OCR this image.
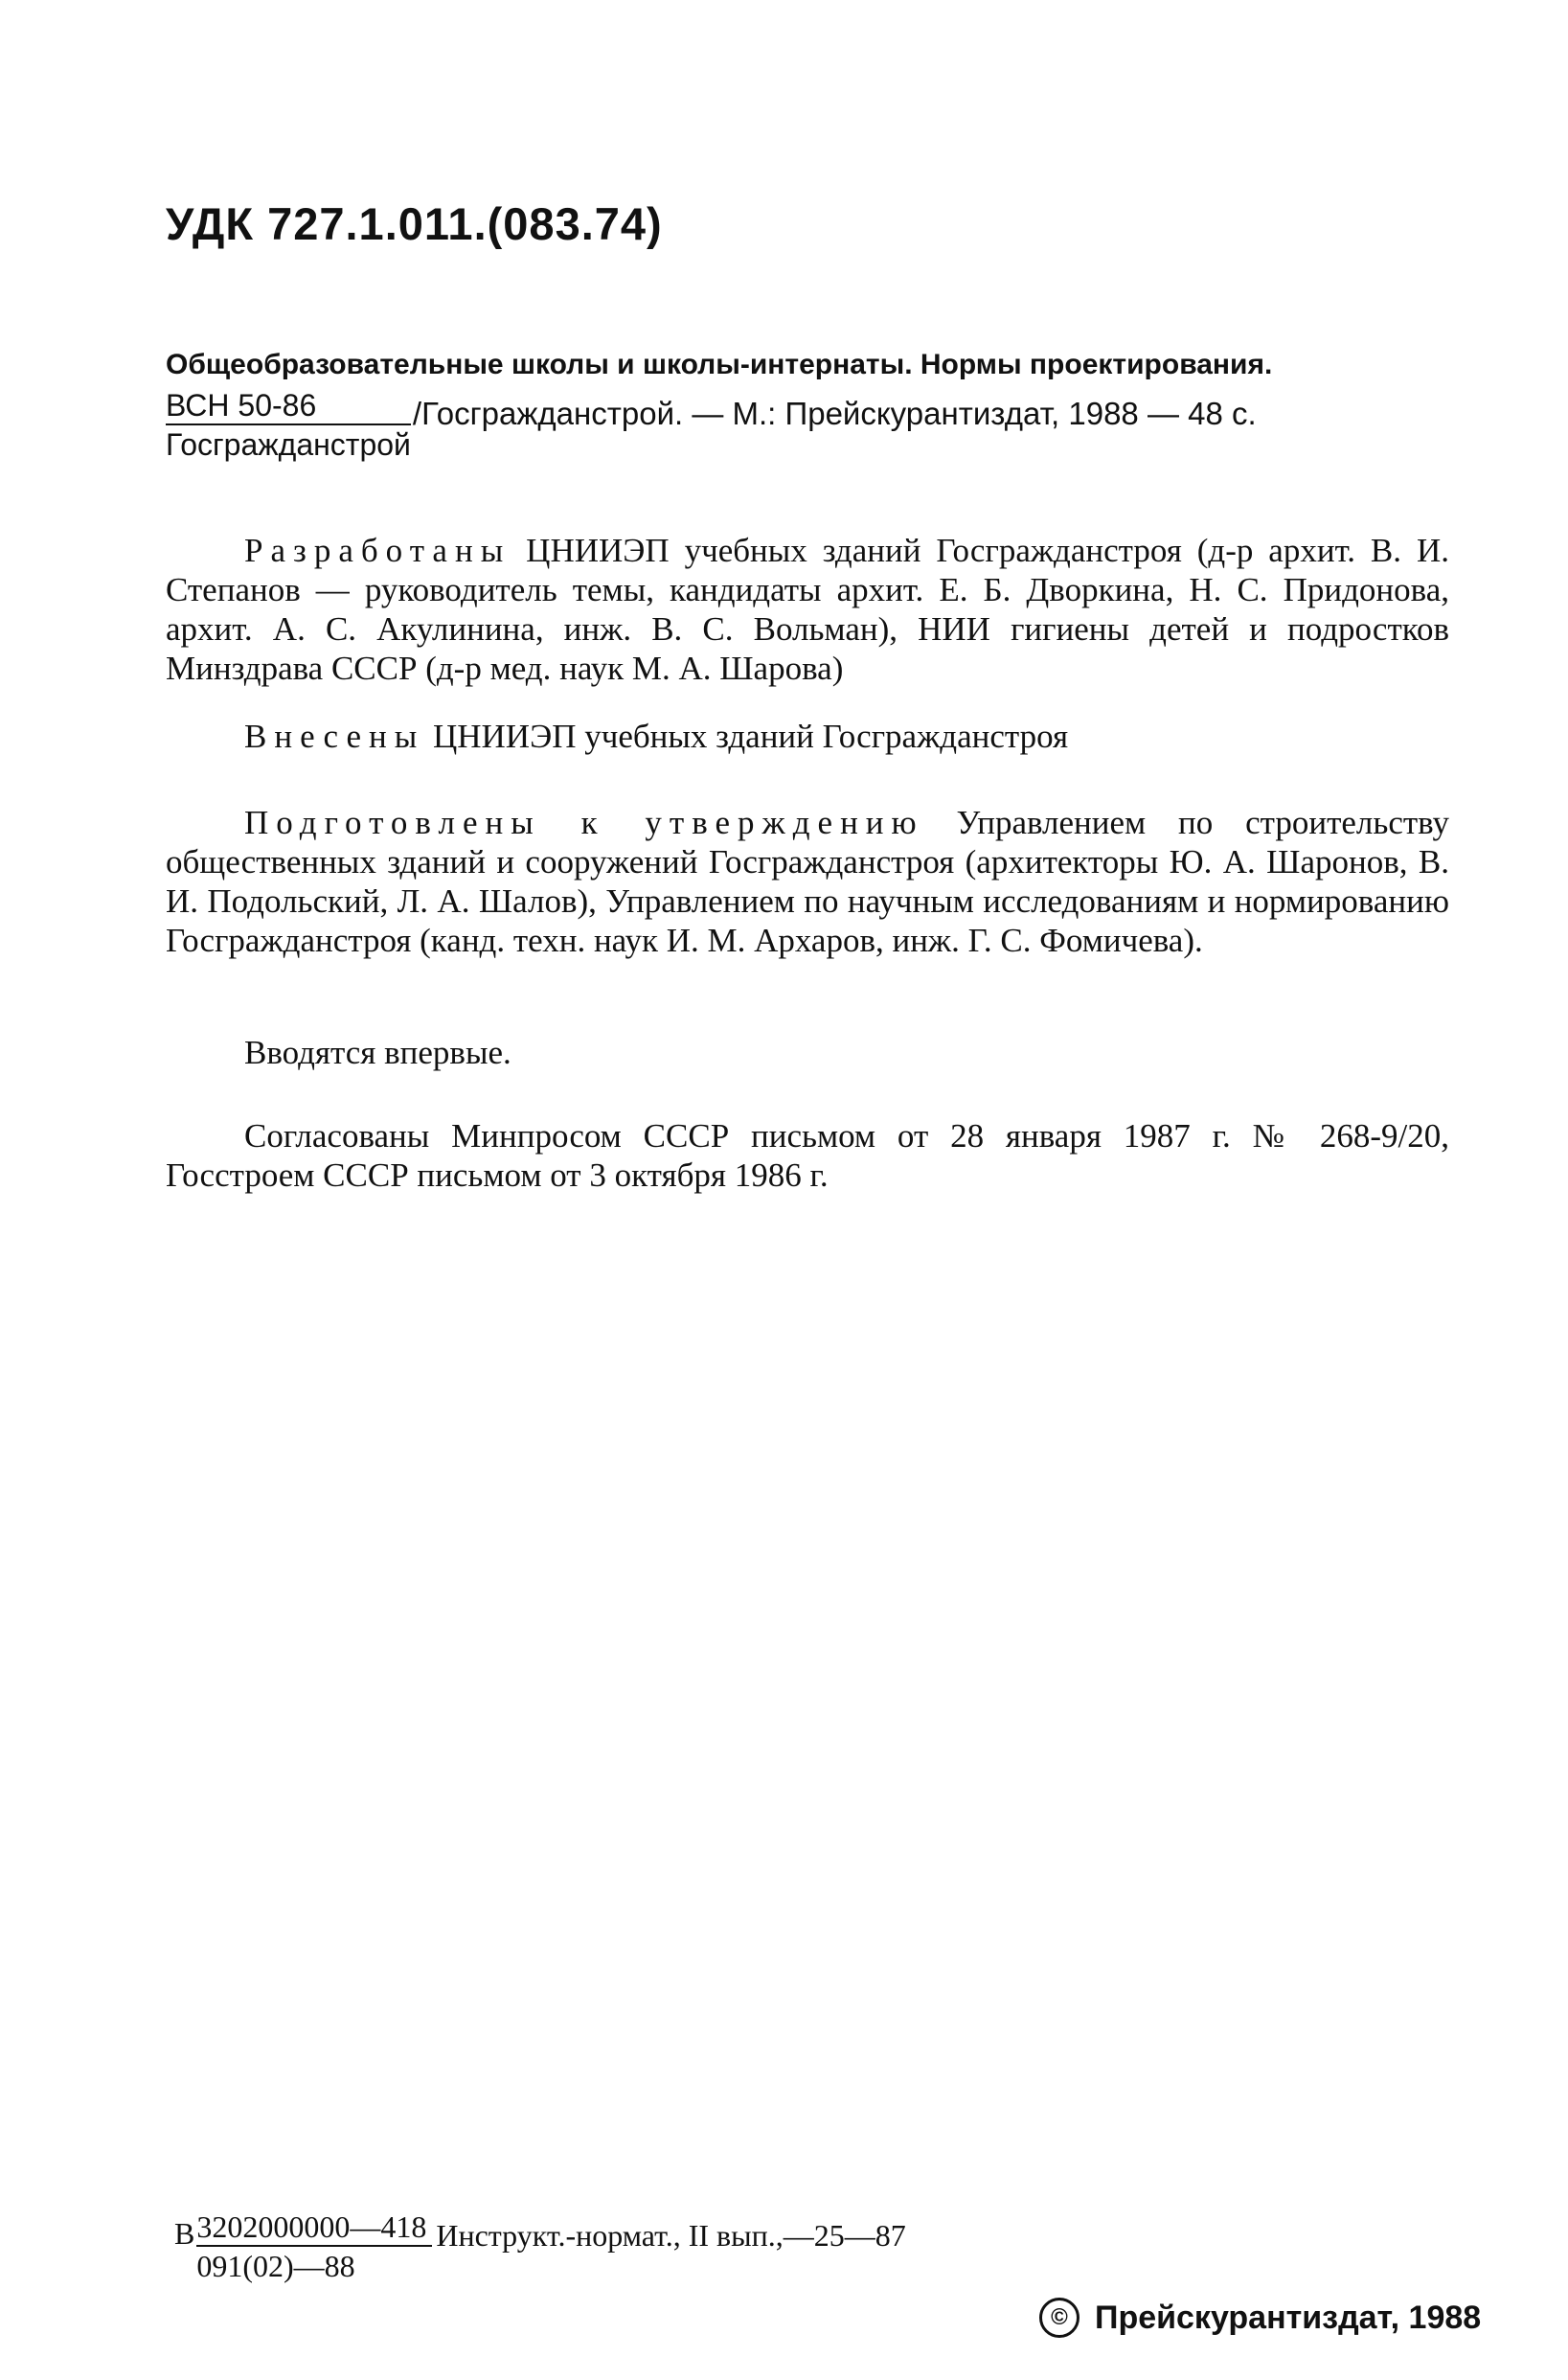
УДК 727.1.011.(083.74)
Общеобразовательные школы и школы-интернаты. Нормы проектирования.
$\frac{\text{ВСН 50-86}}{\text{Госгражданстрой}}$ /Госгражданстрой. — М.: Прейскурантиздат, 1988 — 48 с.
Разработаны ЦНИИЭП учебных зданий Госгражданстроя (д-р архит. В. И. Степанов — руководитель темы, кандидаты архит. Е. Б. Дворкина, Н. С. Придонова, архит. А. С. Акулинина, инж. В. С. Вольман), НИИ гигиены детей и подростков Минздрава СССР (д-р мед. наук М. А. Шарова)
Внесены ЦНИИЭП учебных зданий Госгражданстроя
Подготовлены к утверждению Управлением по строительству общественных зданий и сооружений Госгражданстроя (архитекторы Ю. А. Шаронов, В. И. Подольский, Л. А. Шалов), Управлением по научным исследованиям и нормированию Госгражданстроя (канд. техн. наук И. М. Архаров, инж. Г. С. Фомичева).
Вводятся впервые.
Согласованы Минпросом СССР письмом от 28 января 1987 г. № 268-9/20, Госстроем СССР письмом от 3 октября 1986 г.
В $\frac{3202000000—418}{091(02)—88}$ Инструкт.-нормат., II вып.,—25—87
© Прейскурантиздат, 1988
